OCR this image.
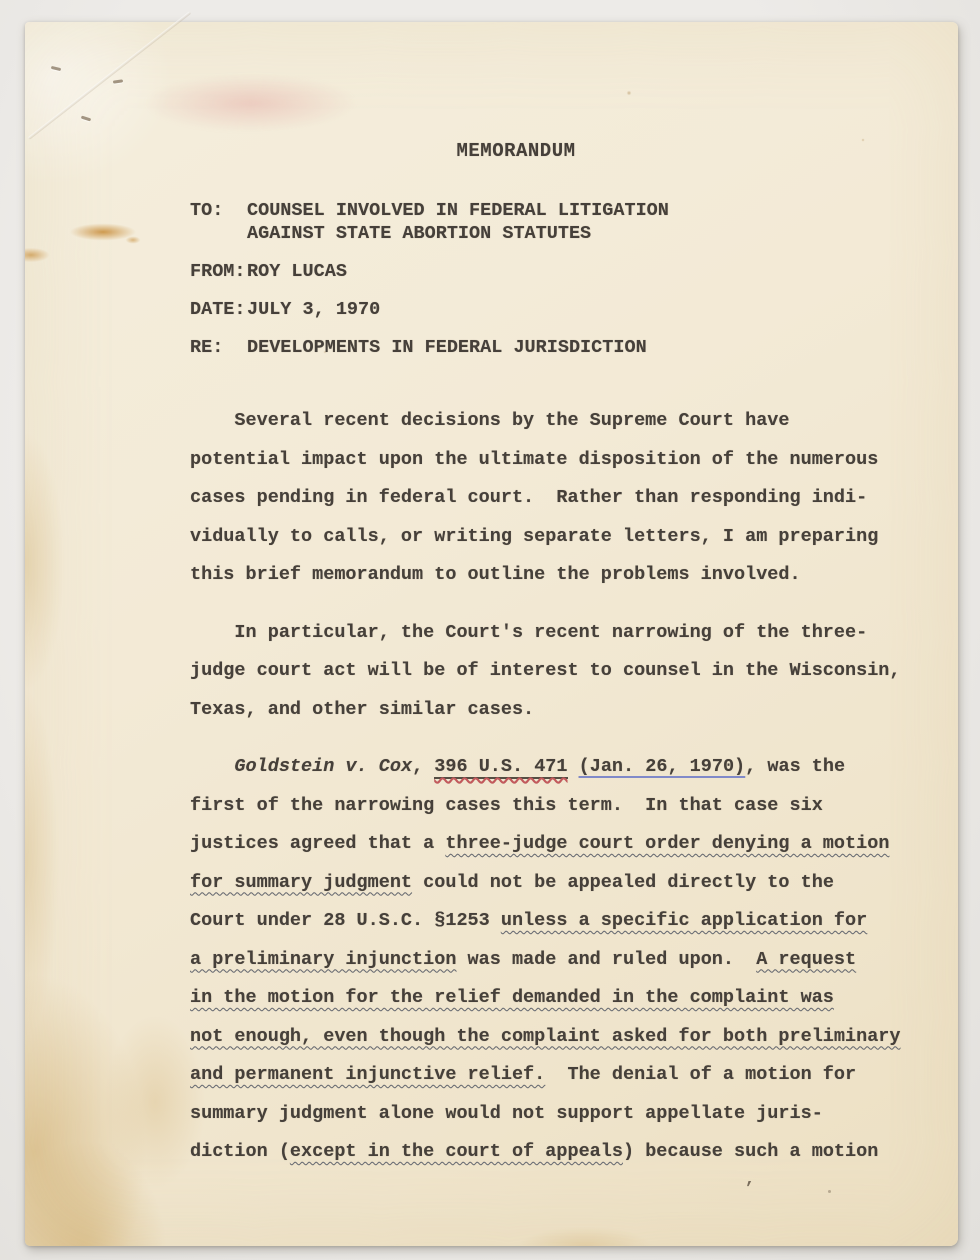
MEMORANDUM
TO:	COUNSEL INVOLVED IN FEDERAL LITIGATION
AGAINST STATE ABORTION STATUTES
FROM: ROY LUCAS
DATE: JULY 3, 1970
RE:	DEVELOPMENTS IN FEDERAL JURISDICTION
Several recent decisions by the Supreme Court have
potential impact upon the ultimate disposition of the numerous
cases pending in federal court.  Rather than responding indi-
vidually to calls, or writing separate letters, I am preparing
this brief memorandum to outline the problems involved.
In particular, the Court's recent narrowing of the three-
judge court act will be of interest to counsel in the Wisconsin,
Texas, and other similar cases.
Goldstein v. Cox, 396 U.S. 471 (Jan. 26, 1970), was the
first of the narrowing cases this term.  In that case six
justices agreed that a three-judge court order denying a motion
for summary judgment could not be appealed directly to the
Court under 28 U.S.C. §1253 unless a specific application for
a preliminary injunction was made and ruled upon.  A request
in the motion for the relief demanded in the complaint was
not enough, even though the complaint asked for both preliminary
and permanent injunctive relief.  The denial of a motion for
summary judgment alone would not support appellate juris-
diction (except in the court of appeals) because such a motion
’
